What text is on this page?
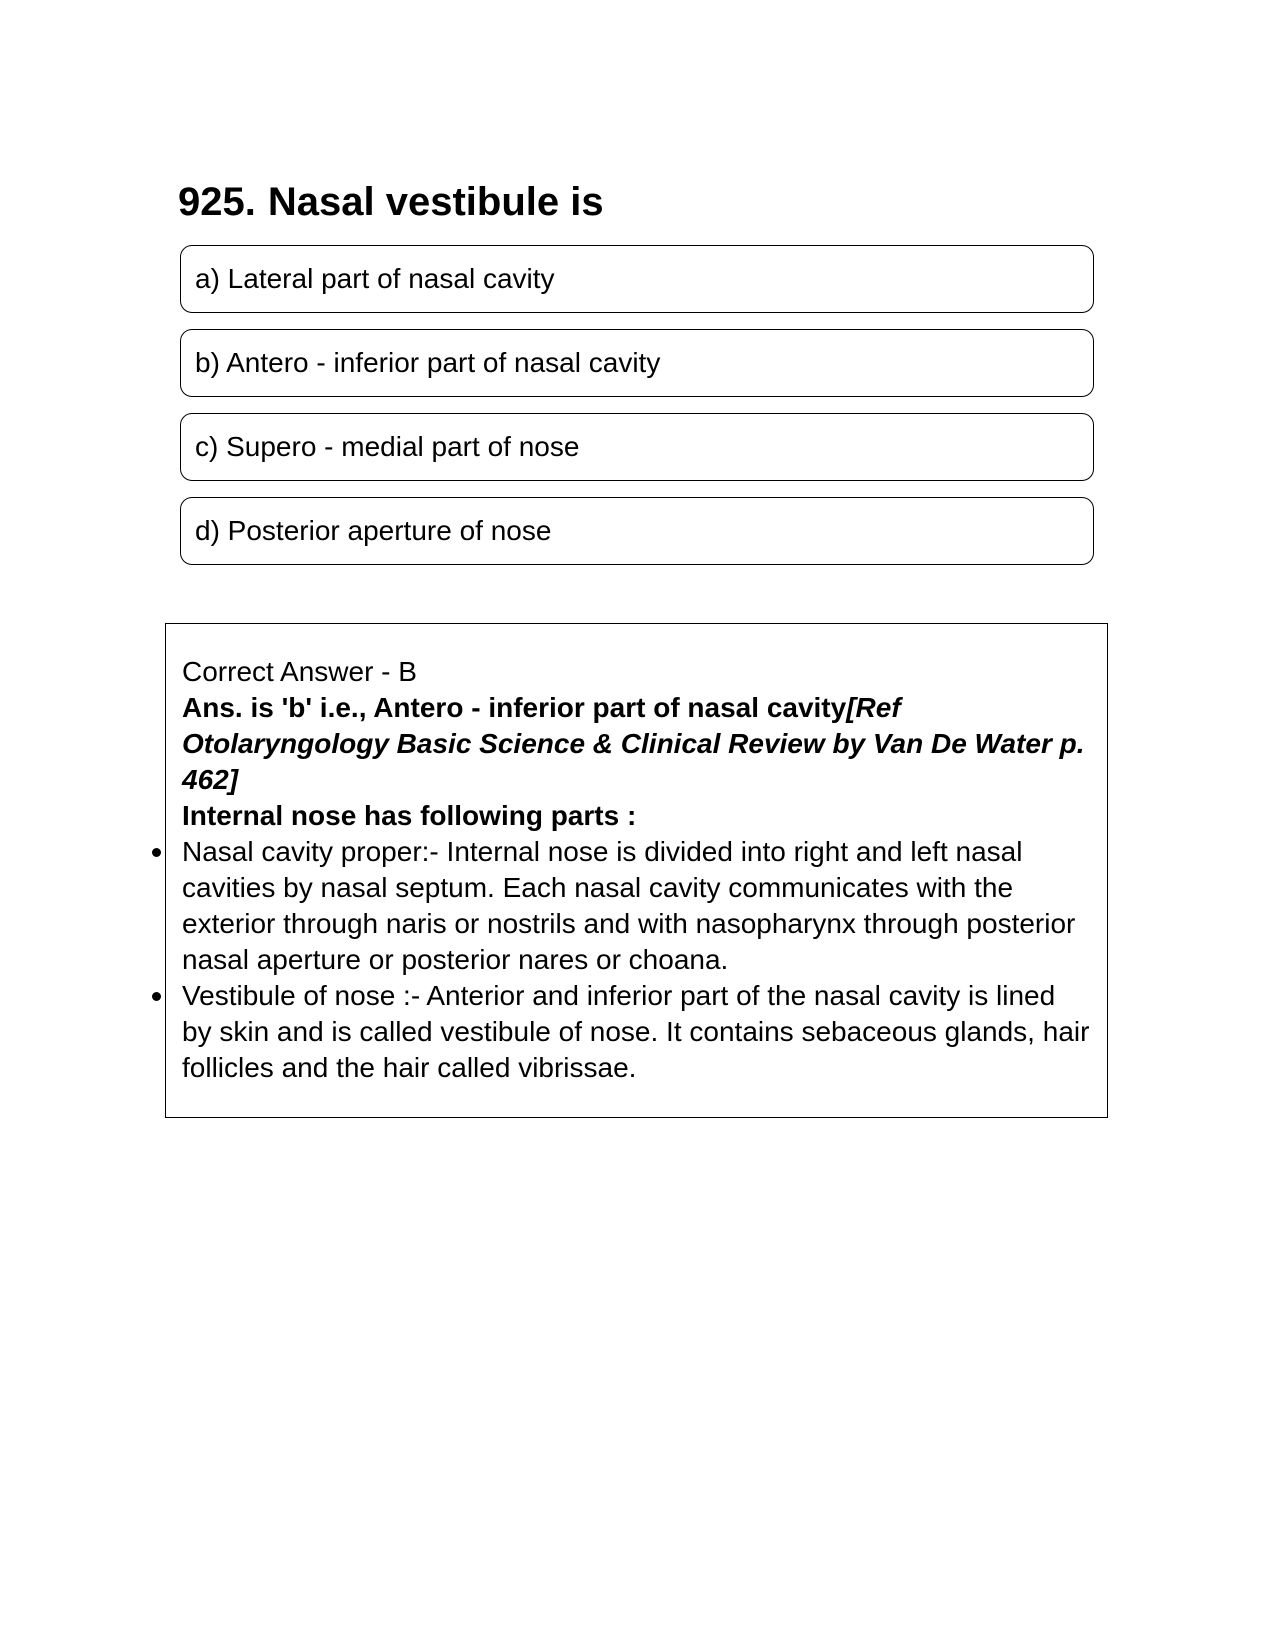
925. Nasal vestibule is
a) Lateral part of nasal cavity
b) Antero - inferior part of nasal cavity
c) Supero - medial part of nose
d) Posterior aperture of nose

Correct Answer - B

Ans. is 'b' i.e., Antero - inferior part of nasal cavity[Ref Otolaryngology Basic Science & Clinical Review by Van De Water p. 462]

Internal nose has following parts :

Nasal cavity proper:- Internal nose is divided into right and left nasal cavities by nasal septum. Each nasal cavity communicates with the exterior through naris or nostrils and with nasopharynx through posterior nasal aperture or posterior nares or choana.
Vestibule of nose :- Anterior and inferior part of the nasal cavity is lined by skin and is called vestibule of nose. It contains sebaceous glands, hair follicles and the hair called vibrissae.
